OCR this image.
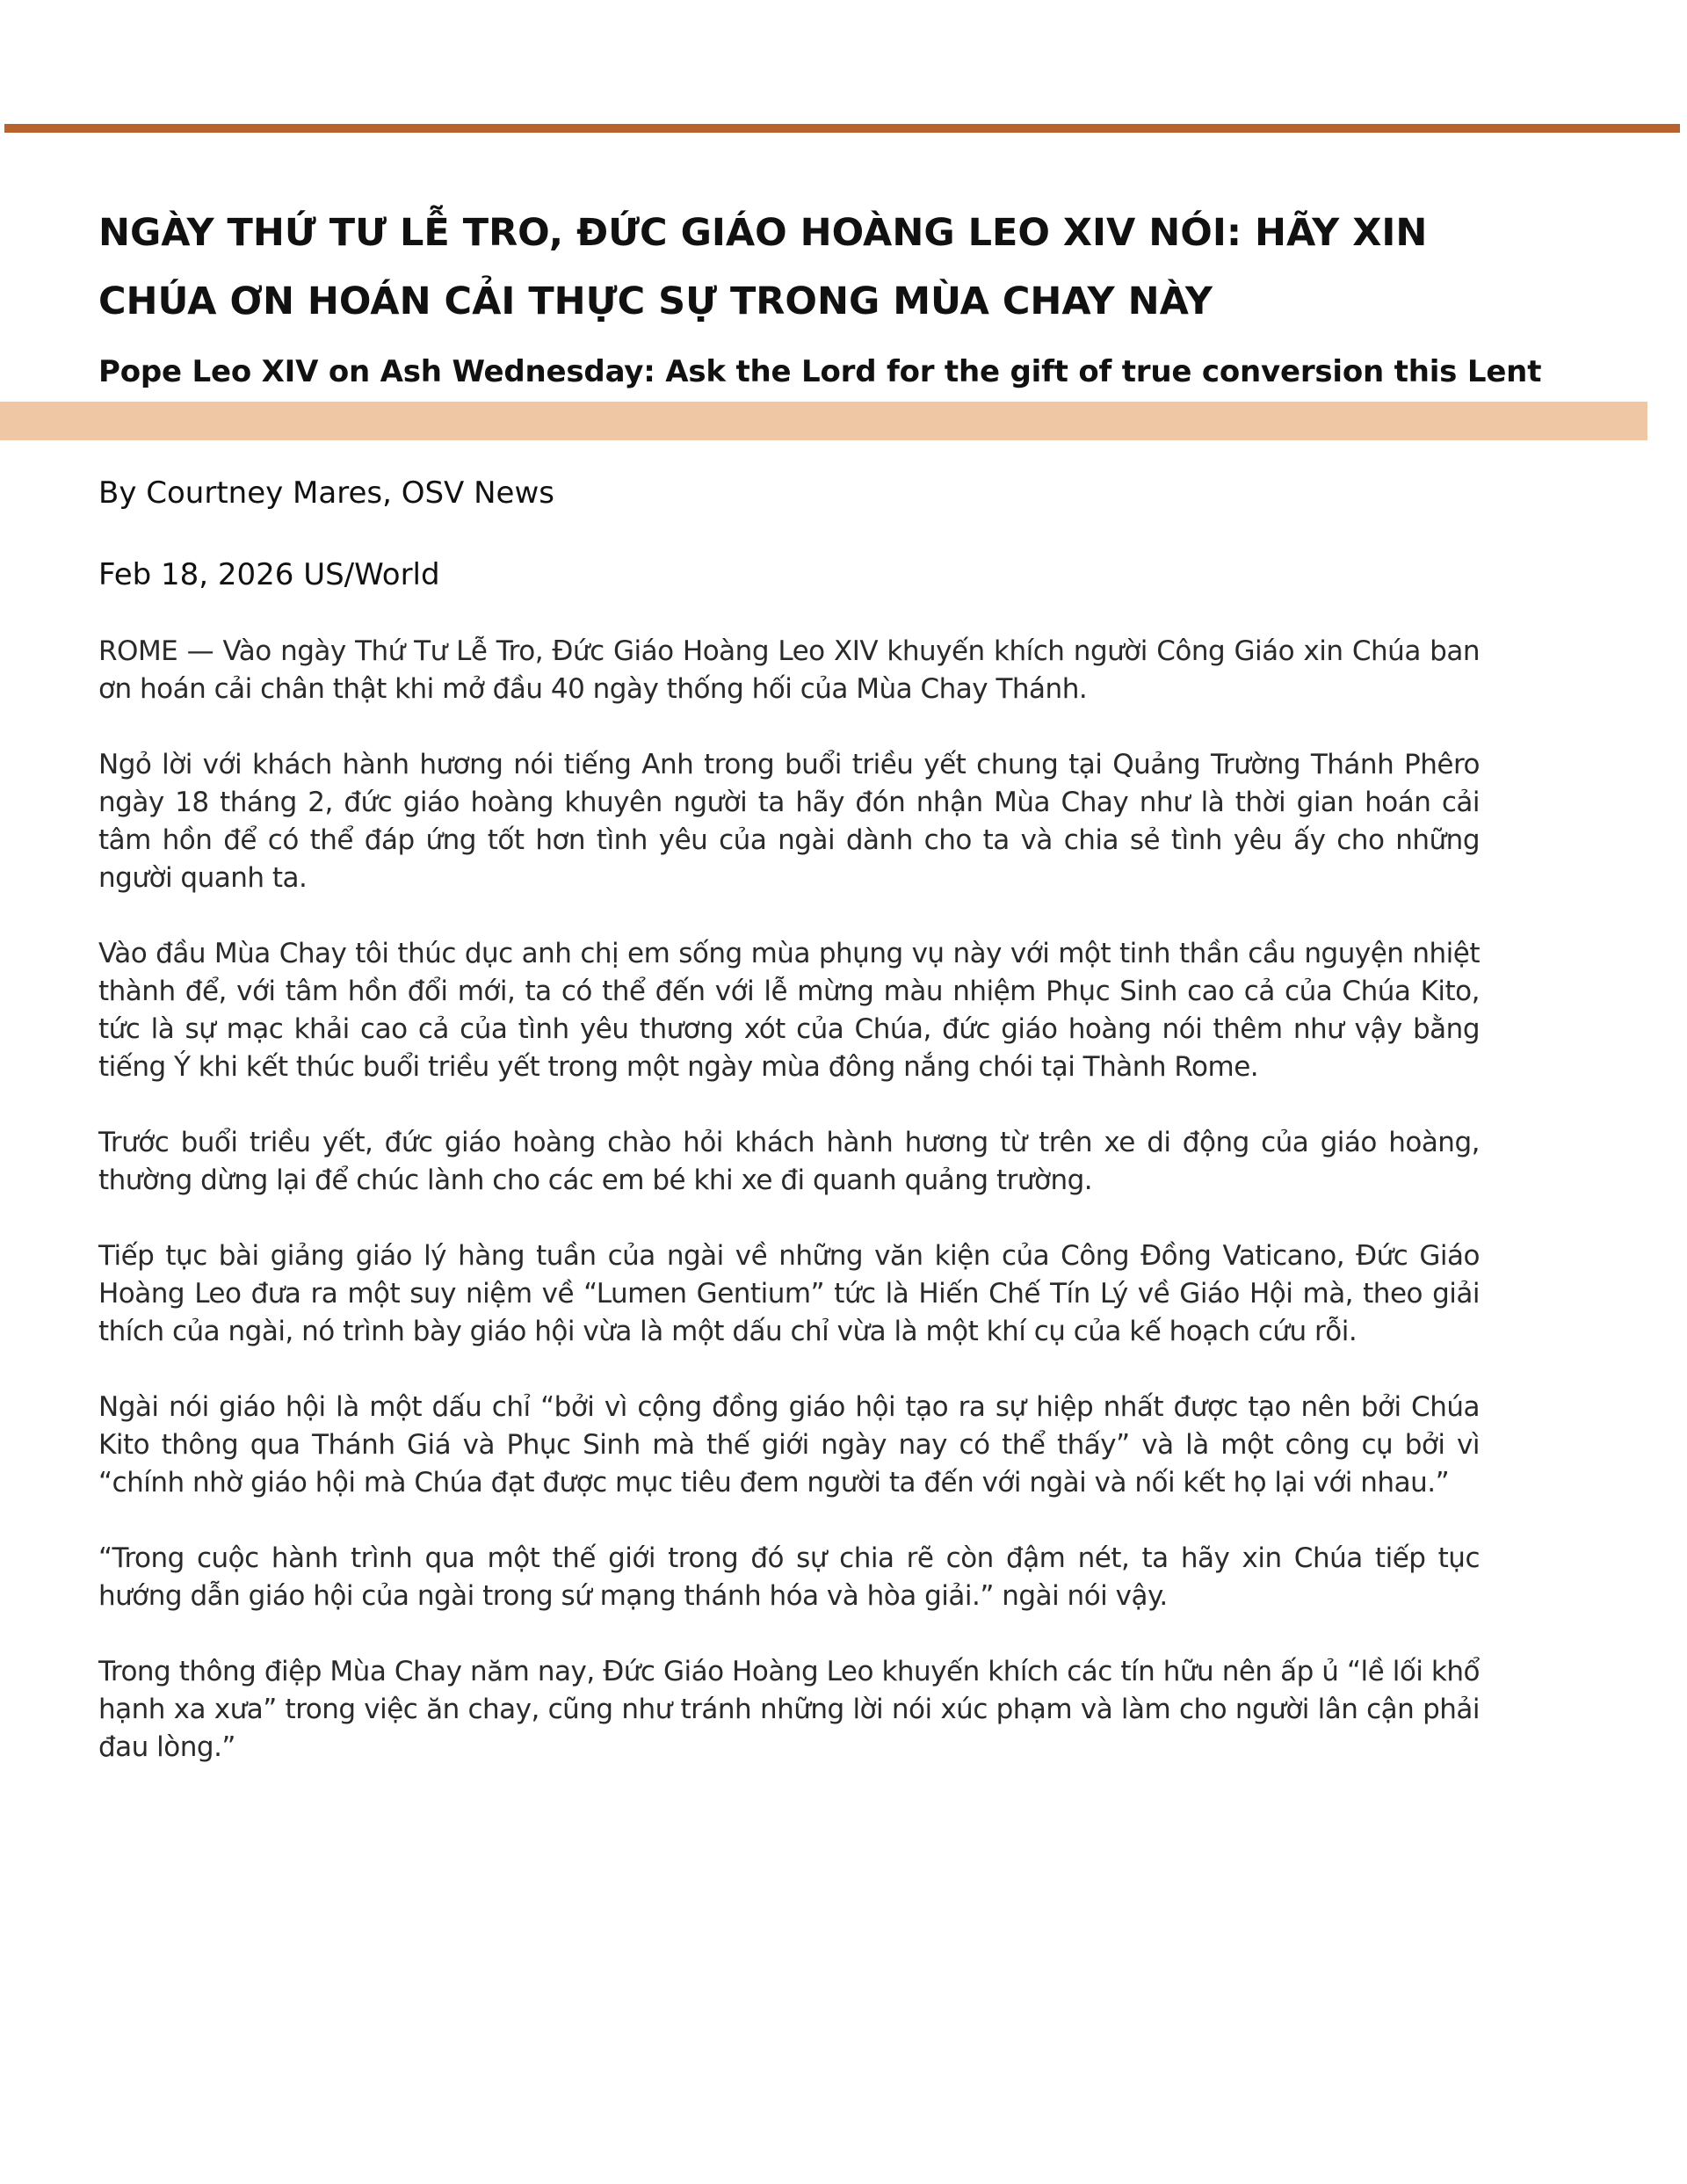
NGÀY THỨ TƯ LỄ TRO, ĐỨC GIÁO HOÀNG LEO XIV NÓI: HÃY XIN CHÚA ƠN HOÁN CẢI THỰC SỰ TRONG MÙA CHAY NÀY
Pope Leo XIV on Ash Wednesday: Ask the Lord for the gift of true conversion this Lent

By Courtney Mares, OSV News

Feb 18, 2026 US/World

ROME — Vào ngày Thứ Tư Lễ Tro, Đức Giáo Hoàng Leo XIV khuyến khích người Công Giáo xin Chúa ban ơn hoán cải chân thật khi mở đầu 40 ngày thống hối của Mùa Chay Thánh.

Ngỏ lời với khách hành hương nói tiếng Anh trong buổi triều yết chung tại Quảng Trường Thánh Phêro ngày 18 tháng 2, đức giáo hoàng khuyên người ta hãy đón nhận Mùa Chay như là thời gian hoán cải tâm hồn để có thể đáp ứng tốt hơn tình yêu của ngài dành cho ta và chia sẻ tình yêu ấy cho những người quanh ta.

Vào đầu Mùa Chay tôi thúc dục anh chị em sống mùa phụng vụ này với một tinh thần cầu nguyện nhiệt thành để, với tâm hồn đổi mới, ta có thể đến với lễ mừng màu nhiệm Phục Sinh cao cả của Chúa Kito, tức là sự mạc khải cao cả của tình yêu thương xót của Chúa, đức giáo hoàng nói thêm như vậy bằng tiếng Ý khi kết thúc buổi triều yết trong một ngày mùa đông nắng chói tại Thành Rome.

Trước buổi triều yết, đức giáo hoàng chào hỏi khách hành hương từ trên xe di động của giáo hoàng, thường dừng lại để chúc lành cho các em bé khi xe đi quanh quảng trường.

Tiếp tục bài giảng giáo lý hàng tuần của ngài về những văn kiện của Công Đồng Vaticano, Đức Giáo Hoàng Leo đưa ra một suy niệm về “Lumen Gentium” tức là Hiến Chế Tín Lý về Giáo Hội mà, theo giải thích của ngài, nó trình bày giáo hội vừa là một dấu chỉ vừa là một khí cụ của kế hoạch cứu rỗi.

Ngài nói giáo hội là một dấu chỉ “bởi vì cộng đồng giáo hội tạo ra sự hiệp nhất được tạo nên bởi Chúa Kito thông qua Thánh Giá và Phục Sinh mà thế giới ngày nay có thể thấy” và là một công cụ bởi vì “chính nhờ giáo hội mà Chúa đạt được mục tiêu đem người ta đến với ngài và nối kết họ lại với nhau.”

“Trong cuộc hành trình qua một thế giới trong đó sự chia rẽ còn đậm nét, ta hãy xin Chúa tiếp tục hướng dẫn giáo hội của ngài trong sứ mạng thánh hóa và hòa giải.” ngài nói vậy.

Trong thông điệp Mùa Chay năm nay, Đức Giáo Hoàng Leo khuyến khích các tín hữu nên ấp ủ “lề lối khổ hạnh xa xưa” trong việc ăn chay, cũng như tránh những lời nói xúc phạm và làm cho người lân cận phải đau lòng.”
